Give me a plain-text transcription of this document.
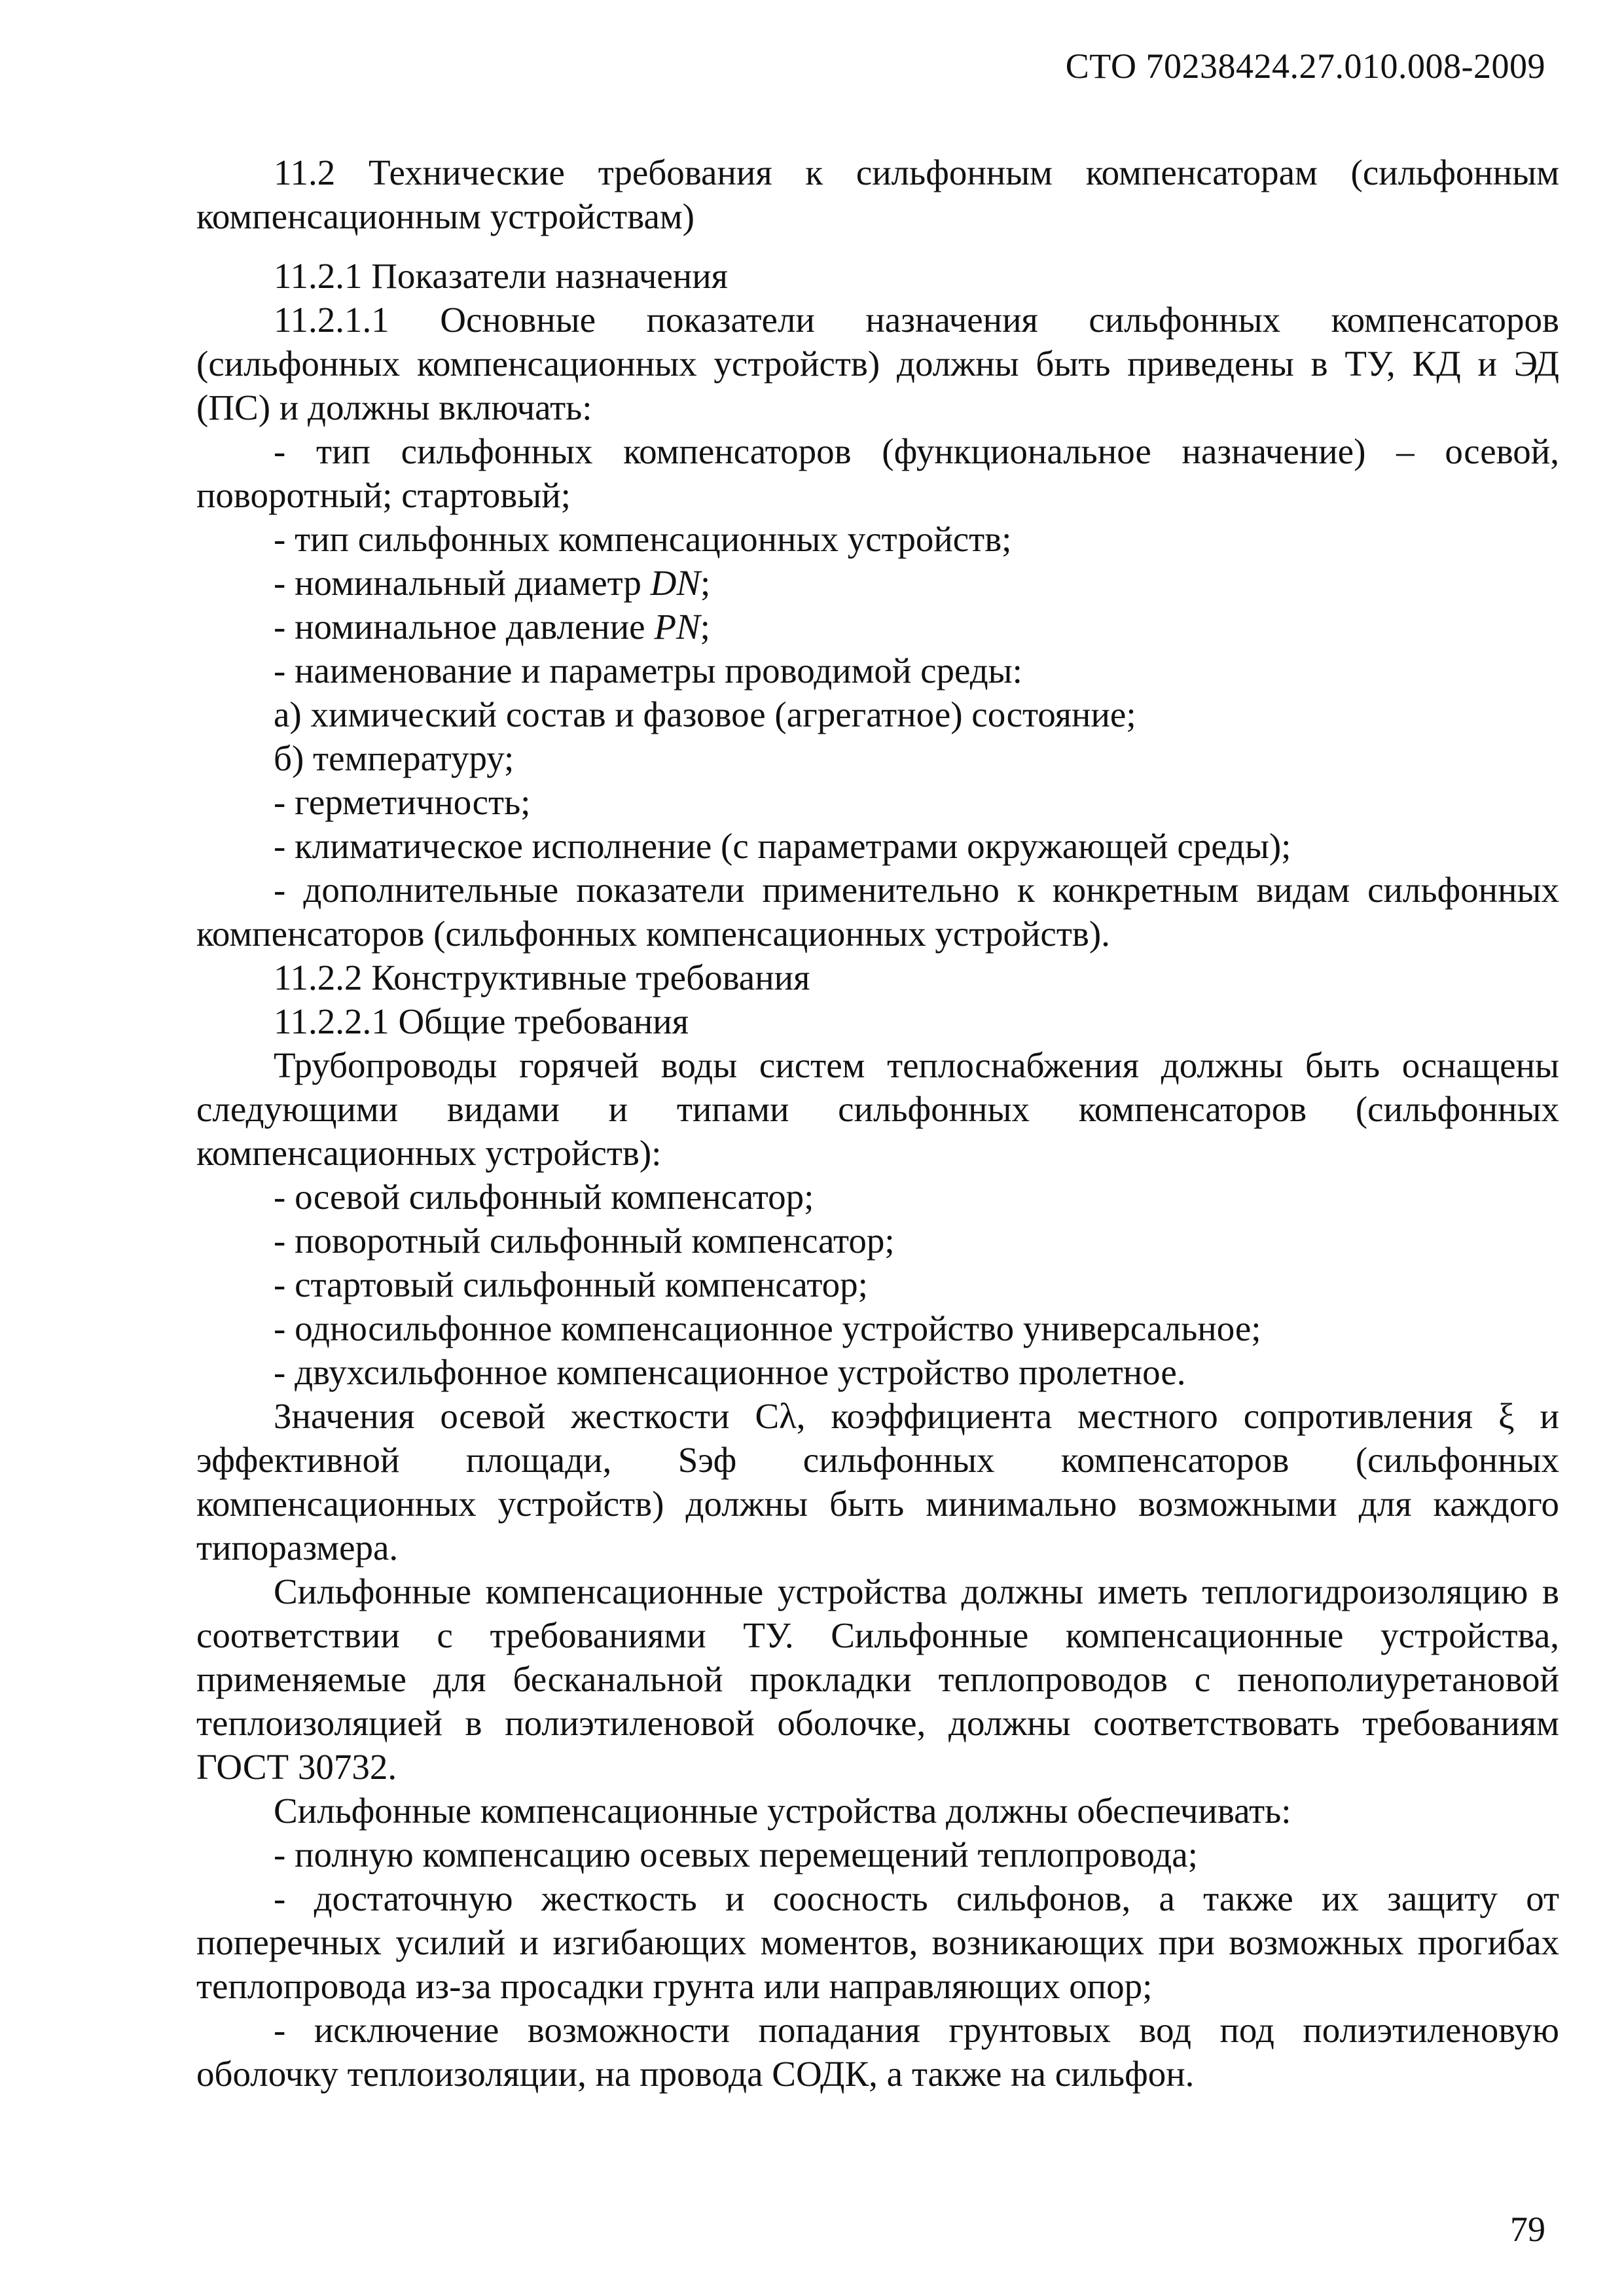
СТО 70238424.27.010.008-2009

11.2 Технические требования к сильфонным компенсаторам (сильфонным компенсационным устройствам)

11.2.1 Показатели назначения

11.2.1.1 Основные показатели назначения сильфонных компенсаторов (сильфонных компенсационных устройств) должны быть приведены в ТУ, КД и ЭД (ПС) и должны включать:

- тип сильфонных компенсаторов (функциональное назначение) – осевой, поворотный; стартовый;

- тип сильфонных компенсационных устройств;

- номинальный диаметр DN;

- номинальное давление PN;

- наименование и параметры проводимой среды:

а) химический состав и фазовое (агрегатное) состояние;

б) температуру;

- герметичность;

- климатическое исполнение (с параметрами окружающей среды);

- дополнительные показатели применительно к конкретным видам сильфонных компенсаторов (сильфонных компенсационных устройств).

11.2.2 Конструктивные требования

11.2.2.1 Общие требования

Трубопроводы горячей воды систем теплоснабжения должны быть оснащены следующими видами и типами сильфонных компенсаторов (сильфонных компенсационных устройств):

- осевой сильфонный компенсатор;

- поворотный сильфонный компенсатор;

- стартовый сильфонный компенсатор;

- односильфонное компенсационное устройство универсальное;

- двухсильфонное компенсационное устройство пролетное.

Значения осевой жесткости Cλ, коэффициента местного сопротивления ξ и эффективной площади, Sэф сильфонных компенсаторов (сильфонных компенсационных устройств) должны быть минимально возможными для каждого типоразмера.

Сильфонные компенсационные устройства должны иметь теплогидроизоляцию в соответствии с требованиями ТУ. Сильфонные компенсационные устройства, применяемые для бесканальной прокладки теплопроводов с пенополиуретановой теплоизоляцией в полиэтиленовой оболочке, должны соответствовать требованиям ГОСТ 30732.

Сильфонные компенсационные устройства должны обеспечивать:

- полную компенсацию осевых перемещений теплопровода;

- достаточную жесткость и соосность сильфонов, а также их защиту от поперечных усилий и изгибающих моментов, возникающих при возможных прогибах теплопровода из-за просадки грунта или направляющих опор;

- исключение возможности попадания грунтовых вод под полиэтиленовую оболочку теплоизоляции, на провода СОДК, а также на сильфон.

79
